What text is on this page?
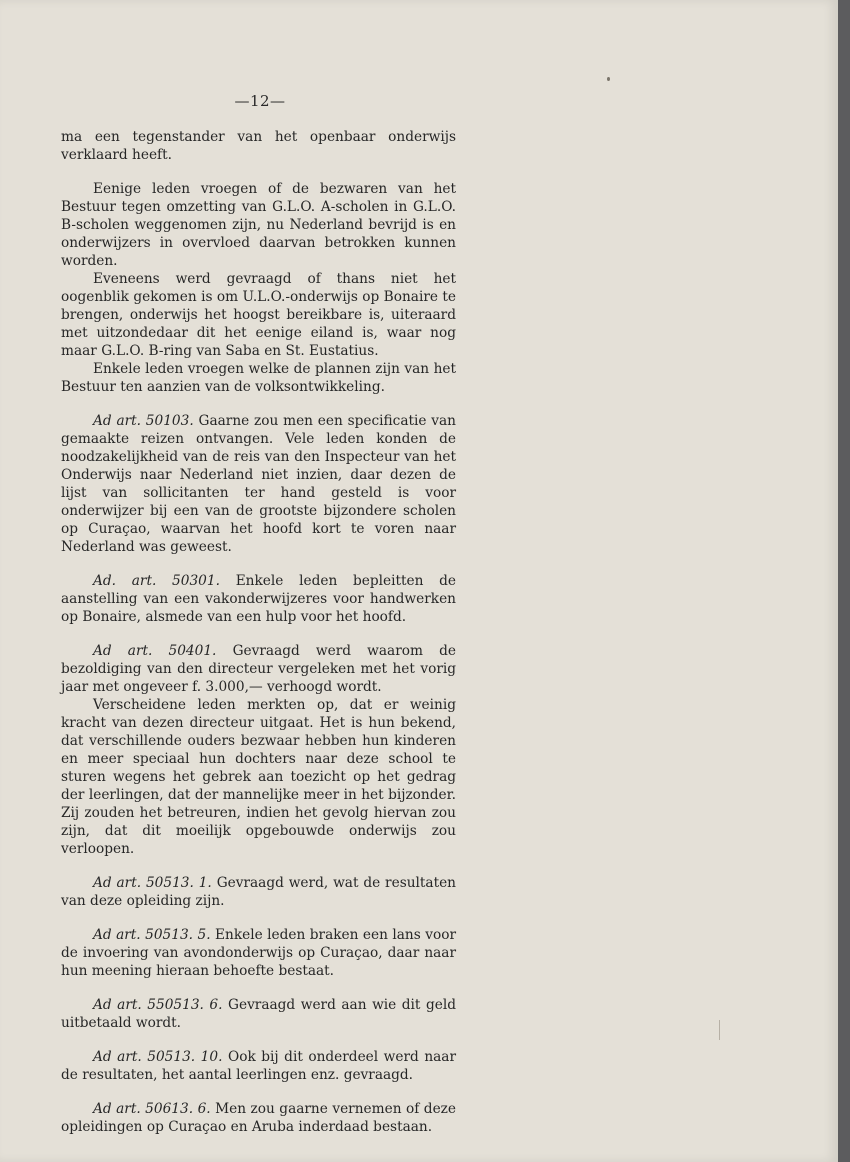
—12—

ma een tegenstander van het openbaar onderwijs verklaard heeft.

Eenige leden vroegen of de bezwaren van het Bestuur tegen omzetting van G.L.O. A-scholen in G.L.O. B-scholen weggenomen zijn, nu Nederland bevrijd is en onderwijzers in overvloed daarvan betrokken kunnen worden.

Eveneens werd gevraagd of thans niet het oogenblik gekomen is om U.L.O.-onderwijs op Bonaire te brengen, onderwijs het hoogst bereikbare is, uiteraard met uitzondedaar dit het eenige eiland is, waar nog maar G.L.O. B-ring van Saba en St. Eustatius.

Enkele leden vroegen welke de plannen zijn van het Bestuur ten aanzien van de volksontwikkeling.

Ad art. 50103. Gaarne zou men een specificatie van gemaakte reizen ontvangen. Vele leden konden de noodzakelijkheid van de reis van den Inspecteur van het Onderwijs naar Nederland niet inzien, daar dezen de lijst van sollicitanten ter hand gesteld is voor onderwijzer bij een van de grootste bijzondere scholen op Curaçao, waarvan het hoofd kort te voren naar Nederland was geweest.

Ad. art. 50301. Enkele leden bepleitten de aanstelling van een vakonderwijzeres voor handwerken op Bonaire, alsmede van een hulp voor het hoofd.

Ad art. 50401. Gevraagd werd waarom de bezoldiging van den directeur vergeleken met het vorig jaar met ongeveer f. 3.000,— verhoogd wordt.

Verscheidene leden merkten op, dat er weinig kracht van dezen directeur uitgaat. Het is hun bekend, dat verschillende ouders bezwaar hebben hun kinderen en meer speciaal hun dochters naar deze school te sturen wegens het gebrek aan toezicht op het gedrag der leerlingen, dat der mannelijke meer in het bijzonder. Zij zouden het betreuren, indien het gevolg hiervan zou zijn, dat dit moeilijk opgebouwde onderwijs zou verloopen.

Ad art. 50513. 1. Gevraagd werd, wat de resultaten van deze opleiding zijn.

Ad art. 50513. 5. Enkele leden braken een lans voor de invoering van avondonderwijs op Curaçao, daar naar hun meening hieraan behoefte bestaat.

Ad art. 550513. 6. Gevraagd werd aan wie dit geld uitbetaald wordt.

Ad art. 50513. 10. Ook bij dit onderdeel werd naar de resultaten, het aantal leerlingen enz. gevraagd.

Ad art. 50613. 6. Men zou gaarne vernemen of deze opleidingen op Curaçao en Aruba inderdaad bestaan.
